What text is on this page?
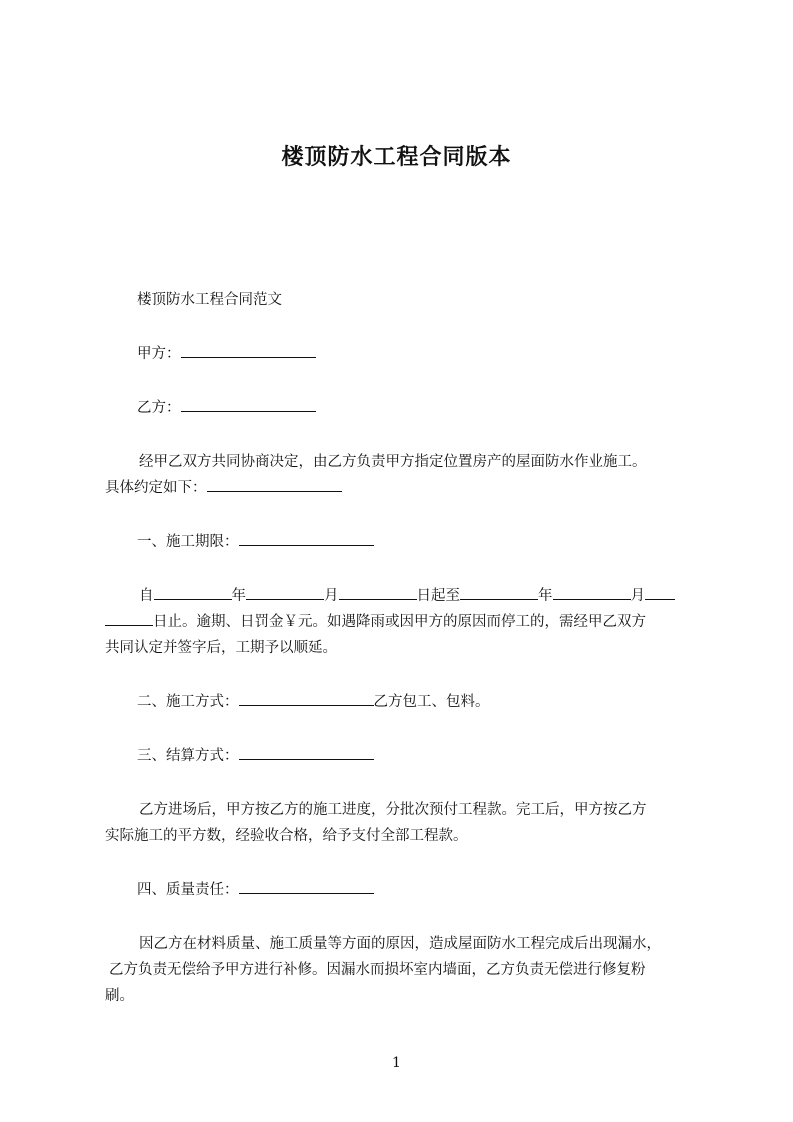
楼顶防水工程合同版本
楼顶防水工程合同范文
甲方：
乙方：
经甲乙双方共同协商决定，由乙方负责甲方指定位置房产的屋面防水作业施工。
具体约定如下：
一、施工期限：
自	年	月	日起至	年	月
日止。逾期、日罚金￥元。如遇降雨或因甲方的原因而停工的，需经甲乙双方
共同认定并签字后，工期予以顺延。
二、施工方式：	乙方包工、包料。
三、结算方式：
乙方进场后，甲方按乙方的施工进度，分批次预付工程款。完工后，甲方按乙方
实际施工的平方数，经验收合格，给予支付全部工程款。
四、质量责任：
因乙方在材料质量、施工质量等方面的原因，造成屋面防水工程完成后出现漏水，
乙方负责无偿给予甲方进行补修。因漏水而损坏室内墙面，乙方负责无偿进行修复粉
刷。
1
